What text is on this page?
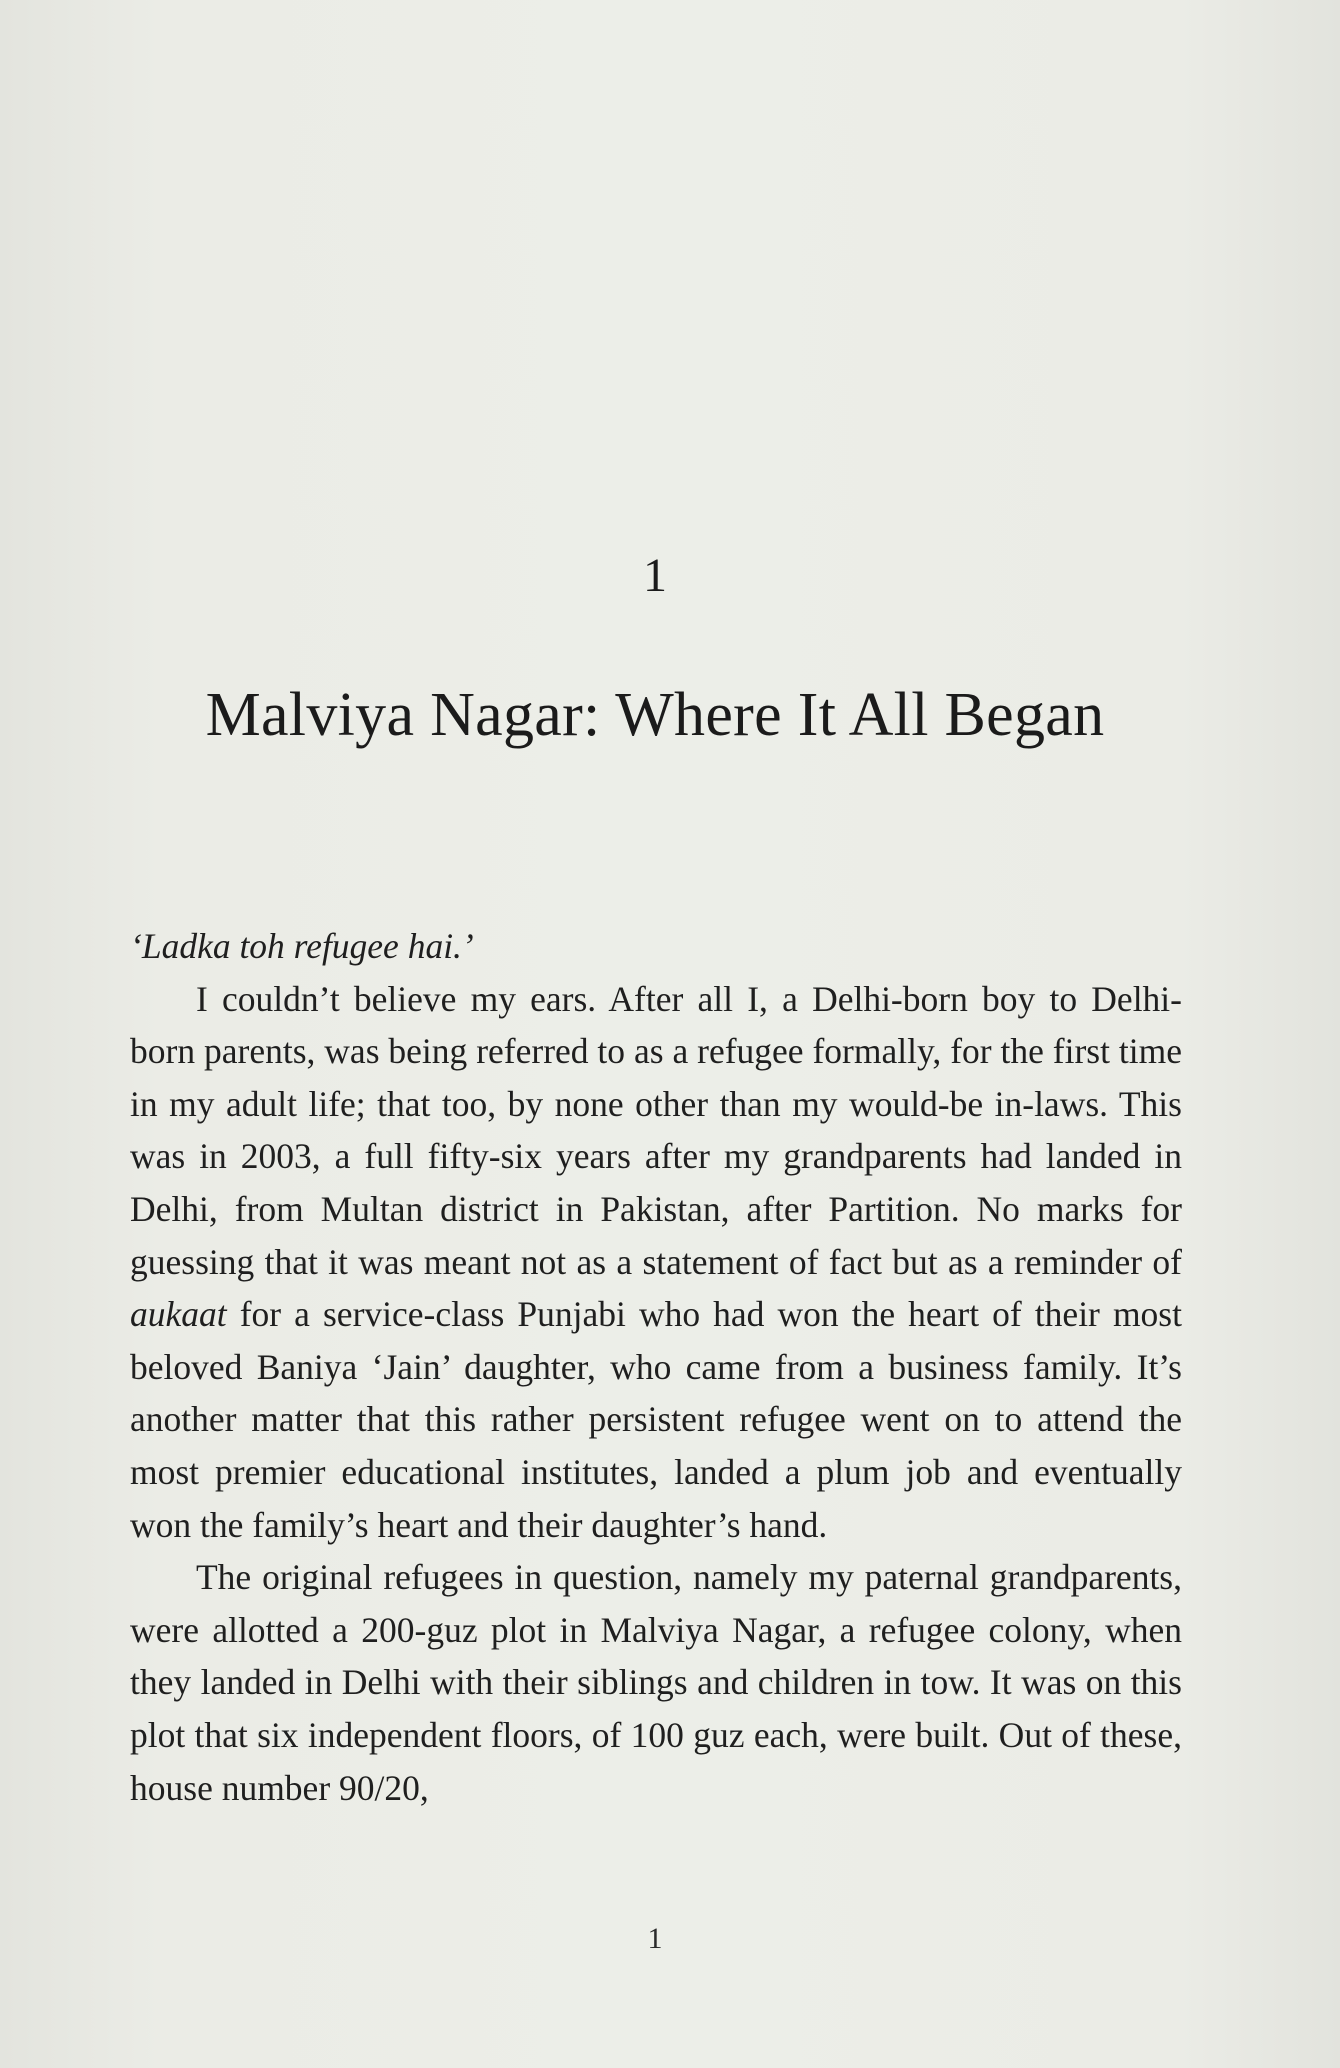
1
Malviya Nagar: Where It All Began

‘Ladka toh refugee hai.’

I couldn’t believe my ears. After all I, a Delhi-born boy to Delhi-born parents, was being referred to as a refugee formally, for the first time in my adult life; that too, by none other than my would-be in-laws. This was in 2003, a full fifty-six years after my grandparents had landed in Delhi, from Multan district in Pakistan, after Partition. No marks for guessing that it was meant not as a statement of fact but as a reminder of aukaat for a service-class Punjabi who had won the heart of their most beloved Baniya ‘Jain’ daughter, who came from a business family. It’s another matter that this rather persistent refugee went on to attend the most premier educational institutes, landed a plum job and eventually won the family’s heart and their daughter’s hand.

The original refugees in question, namely my paternal grandparents, were allotted a 200-guz plot in Malviya Nagar, a refugee colony, when they landed in Delhi with their siblings and children in tow. It was on this plot that six independent floors, of 100 guz each, were built. Out of these, house number 90/20,

1
